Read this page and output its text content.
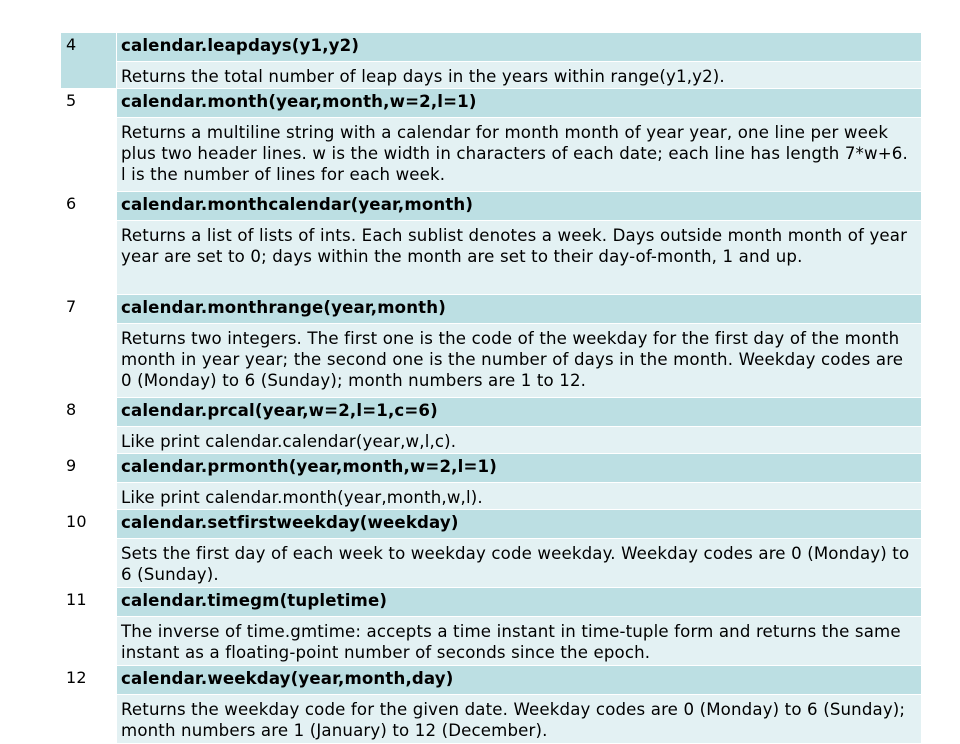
4	calendar.leapdays(y1,y2)
	Returns the total number of leap days in the years within range(y1,y2).
5	calendar.month(year,month,w=2,l=1)
	Returns a multiline string with a calendar for month month of year year, one line per week plus two header lines. w is the width in characters of each date; each line has length 7*w+6. l is the number of lines for each week.
6	calendar.monthcalendar(year,month)
	Returns a list of lists of ints. Each sublist denotes a week. Days outside month month of year year are set to 0; days within the month are set to their day-of-month, 1 and up.
7	calendar.monthrange(year,month)
	Returns two integers. The first one is the code of the weekday for the first day of the month month in year year; the second one is the number of days in the month. Weekday codes are 0 (Monday) to 6 (Sunday); month numbers are 1 to 12.
8	calendar.prcal(year,w=2,l=1,c=6)
	Like print calendar.calendar(year,w,l,c).
9	calendar.prmonth(year,month,w=2,l=1)
	Like print calendar.month(year,month,w,l).
10	calendar.setfirstweekday(weekday)
	Sets the first day of each week to weekday code weekday. Weekday codes are 0 (Monday) to 6 (Sunday).
11	calendar.timegm(tupletime)
	The inverse of time.gmtime: accepts a time instant in time-tuple form and returns the same instant as a floating-point number of seconds since the epoch.
12	calendar.weekday(year,month,day)
	Returns the weekday code for the given date. Weekday codes are 0 (Monday) to 6 (Sunday); month numbers are 1 (January) to 12 (December).
